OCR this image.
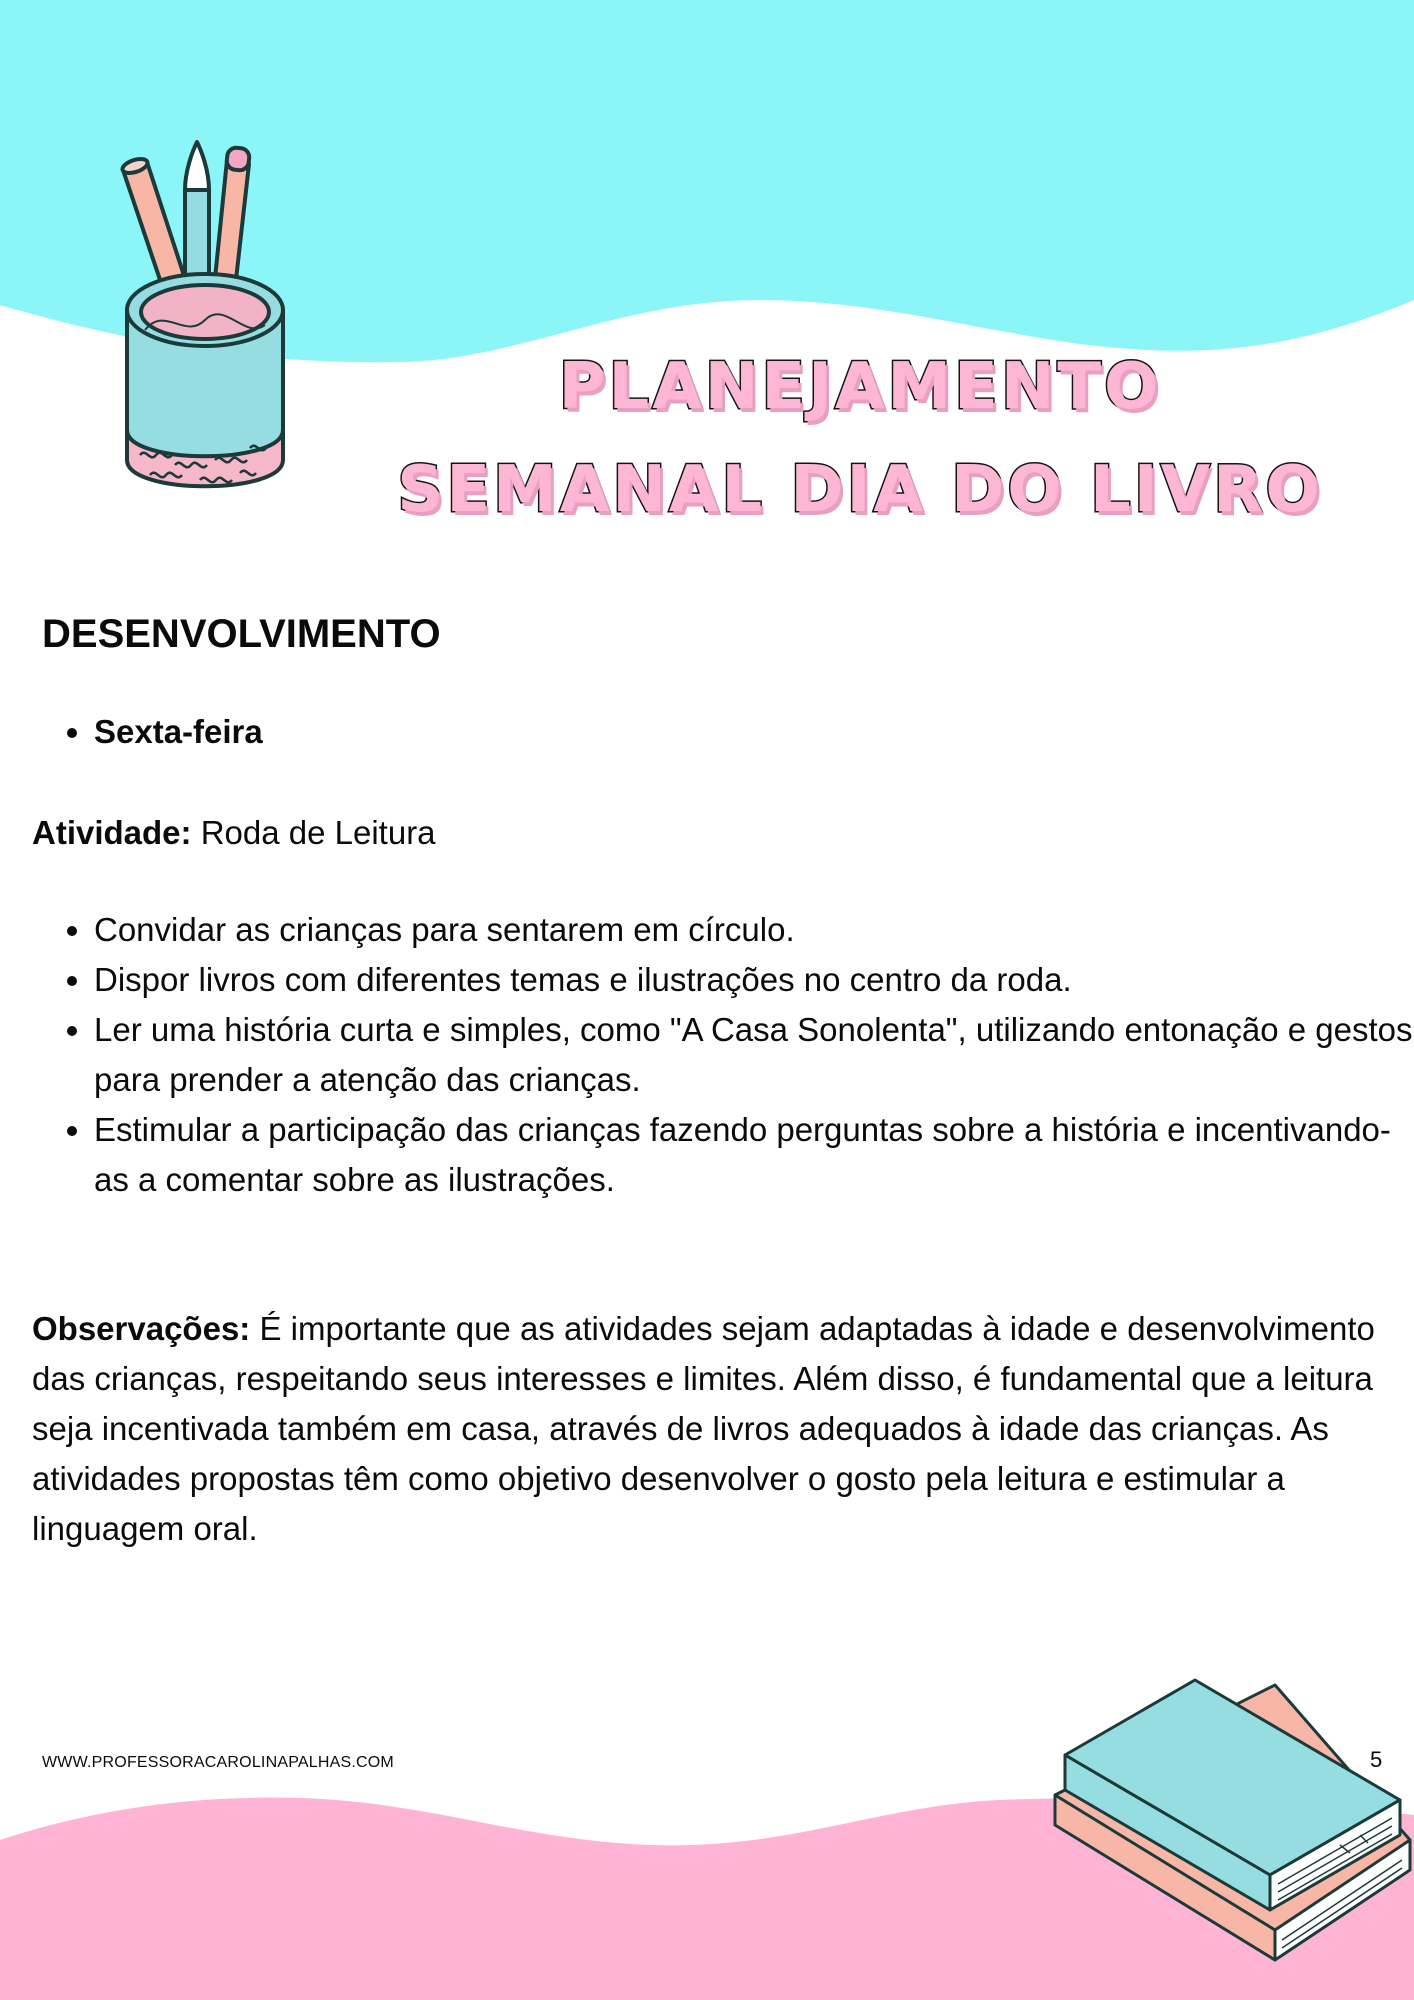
PLANEJAMENTO
SEMANAL DIA DO LIVRO
DESENVOLVIMENTO
• Sexta-feira

Atividade: Roda de Leitura

• Convidar as crianças para sentarem em círculo.
• Dispor livros com diferentes temas e ilustrações no centro da roda.
• Ler uma história curta e simples, como "A Casa Sonolenta", utilizando entonação e gestos para prender a atenção das crianças.
• Estimular a participação das crianças fazendo perguntas sobre a história e incentivando-as a comentar sobre as ilustrações.

Observações: É importante que as atividades sejam adaptadas à idade e desenvolvimento das crianças, respeitando seus interesses e limites. Além disso, é fundamental que a leitura seja incentivada também em casa, através de livros adequados à idade das crianças. As atividades propostas têm como objetivo desenvolver o gosto pela leitura e estimular a linguagem oral.

WWW.PROFESSORACAROLINAPALHAS.COM	5
